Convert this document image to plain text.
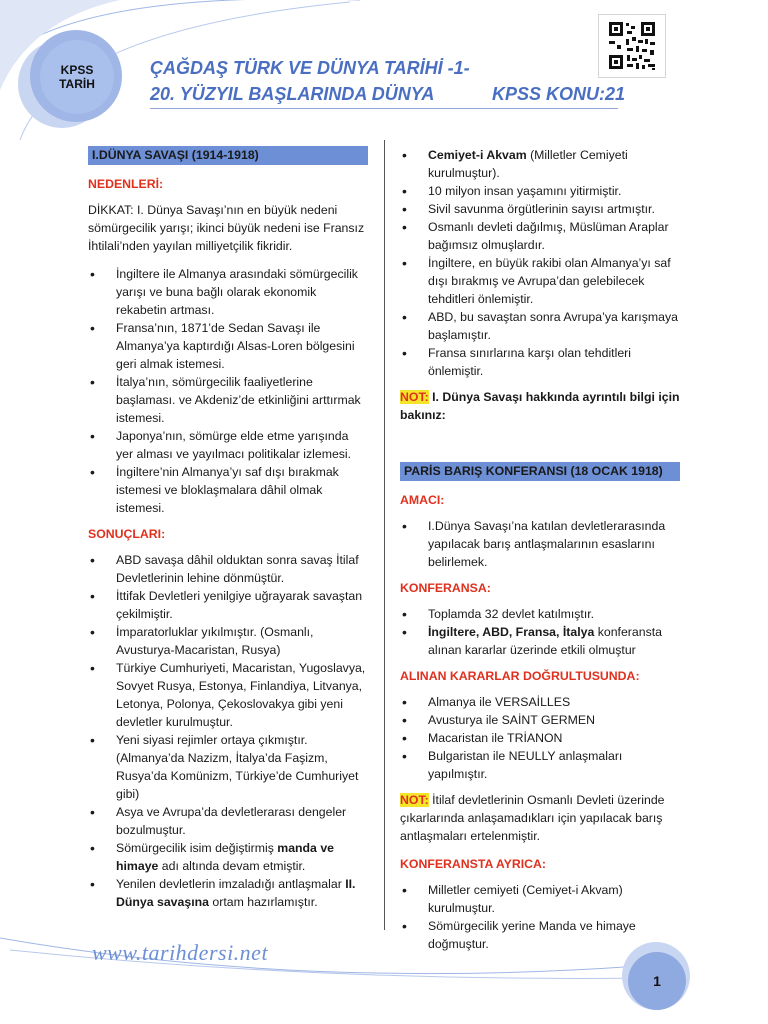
KPSS
TARİH
ÇAĞDAŞ TÜRK VE DÜNYA TARİHİ -1-
20. YÜZYIL BAŞLARINDA DÜNYA	KPSS KONU:21
I.DÜNYA SAVAŞI (1914-1918)
NEDENLERİ:
DİKKAT: I. Dünya Savaşı’nın en büyük nedeni sömürgecilik yarışı; ikinci büyük nedeni ise Fransız İhtilali’nden yayılan milliyetçilik fikridir.
• İngiltere ile Almanya arasındaki sömürgecilik yarışı ve buna bağlı olarak ekonomik rekabetin artması.
• Fransa’nın, 1871’de Sedan Savaşı ile Almanya’ya kaptırdığı Alsas-Loren bölgesini geri almak istemesi.
• İtalya’nın, sömürgecilik faaliyetlerine başlaması. ve Akdeniz’de etkinliğini arttırmak istemesi.
• Japonya’nın, sömürge elde etme yarışında yer alması ve yayılmacı politikalar izlemesi.
• İngiltere’nin Almanya’yı saf dışı bırakmak istemesi ve bloklaşmalara dâhil olmak istemesi.
SONUÇLARI:
• ABD savaşa dâhil olduktan sonra savaş İtilaf Devletlerinin lehine dönmüştür.
• İttifak Devletleri yenilgiye uğrayarak savaştan çekilmiştir.
• İmparatorluklar yıkılmıştır. (Osmanlı, Avusturya-Macaristan, Rusya)
• Türkiye Cumhuriyeti, Macaristan, Yugoslavya, Sovyet Rusya, Estonya, Finlandiya, Litvanya, Letonya, Polonya, Çekoslovakya gibi yeni devletler kurulmuştur.
• Yeni siyasi rejimler ortaya çıkmıştır. (Almanya’da Nazizm, İtalya’da Faşizm, Rusya’da Komünizm, Türkiye’de Cumhuriyet gibi)
• Asya ve Avrupa’da devletlerarası dengeler bozulmuştur.
• Sömürgecilik isim değiştirmiş manda ve himaye adı altında devam etmiştir.
• Yenilen devletlerin imzaladığı antlaşmalar II. Dünya savaşına ortam hazırlamıştır.
• Cemiyet-i Akvam (Milletler Cemiyeti kurulmuştur).
• 10 milyon insan yaşamını yitirmiştir.
• Sivil savunma örgütlerinin sayısı artmıştır.
• Osmanlı devleti dağılmış, Müslüman Araplar bağımsız olmuşlardır.
• İngiltere, en büyük rakibi olan Almanya’yı saf dışı bırakmış ve Avrupa’dan gelebilecek tehditleri önlemiştir.
• ABD, bu savaştan sonra Avrupa’ya karışmaya başlamıştır.
• Fransa sınırlarına karşı olan tehditleri önlemiştir.
NOT: I. Dünya Savaşı hakkında ayrıntılı bilgi için bakınız:
PARİS BARIŞ KONFERANSI (18 OCAK 1918)
AMACI:
• I.Dünya Savaşı’na katılan devletlerarasında yapılacak barış antlaşmalarının esaslarını belirlemek.
KONFERANSA:
• Toplamda 32 devlet katılmıştır.
• İngiltere, ABD, Fransa, İtalya konferansta alınan kararlar üzerinde etkili olmuştur
ALINAN KARARLAR DOĞRULTUSUNDA:
• Almanya ile VERSAİLLES
• Avusturya ile SAİNT GERMEN
• Macaristan ile TRİANON
• Bulgaristan ile NEULLY anlaşmaları yapılmıştır.
NOT: İtilaf devletlerinin Osmanlı Devleti üzerinde çıkarlarında anlaşamadıkları için yapılacak barış antlaşmaları ertelenmiştir.
KONFERANSTA AYRICA:
• Milletler cemiyeti (Cemiyet-i Akvam) kurulmuştur.
• Sömürgecilik yerine Manda ve himaye doğmuştur.
www.tarihdersi.net
1
